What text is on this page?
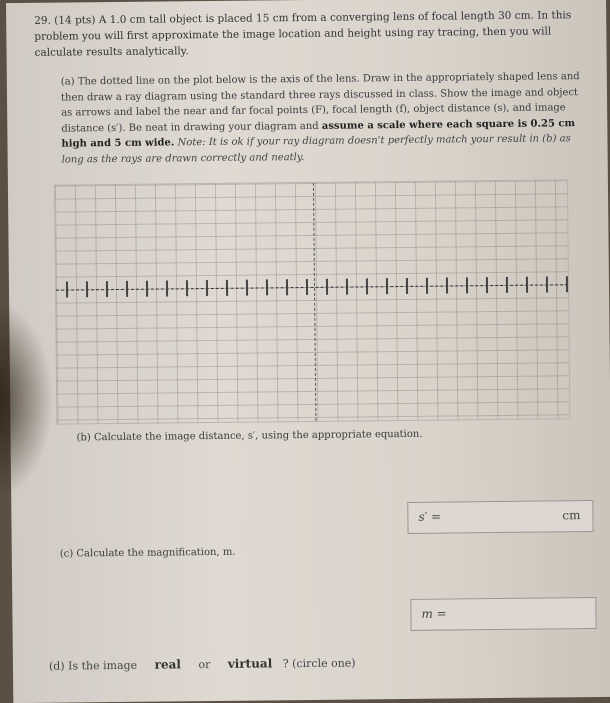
29. (14 pts) A 1.0 cm tall object is placed 15 cm from a converging lens of focal length 30 cm. In this problem you will first approximate the image location and height using ray tracing, then you will calculate results analytically.
(a) The dotted line on the plot below is the axis of the lens. Draw in the appropriately shaped lens and then draw a ray diagram using the standard three rays discussed in class. Show the image and object as arrows and label the near and far focal points (F), focal length (f), object distance (s), and image distance (s′). Be neat in drawing your diagram and assume a scale where each square is 0.25 cm high and 5 cm wide. Note: It is ok if your ray diagram doesn't perfectly match your result in (b) as long as the rays are drawn correctly and neatly.
(b) Calculate the image distance, s′, using the appropriate equation.
s′ =	cm
(c) Calculate the magnification, m.
m =
(d) Is the image real or virtual ? (circle one)
